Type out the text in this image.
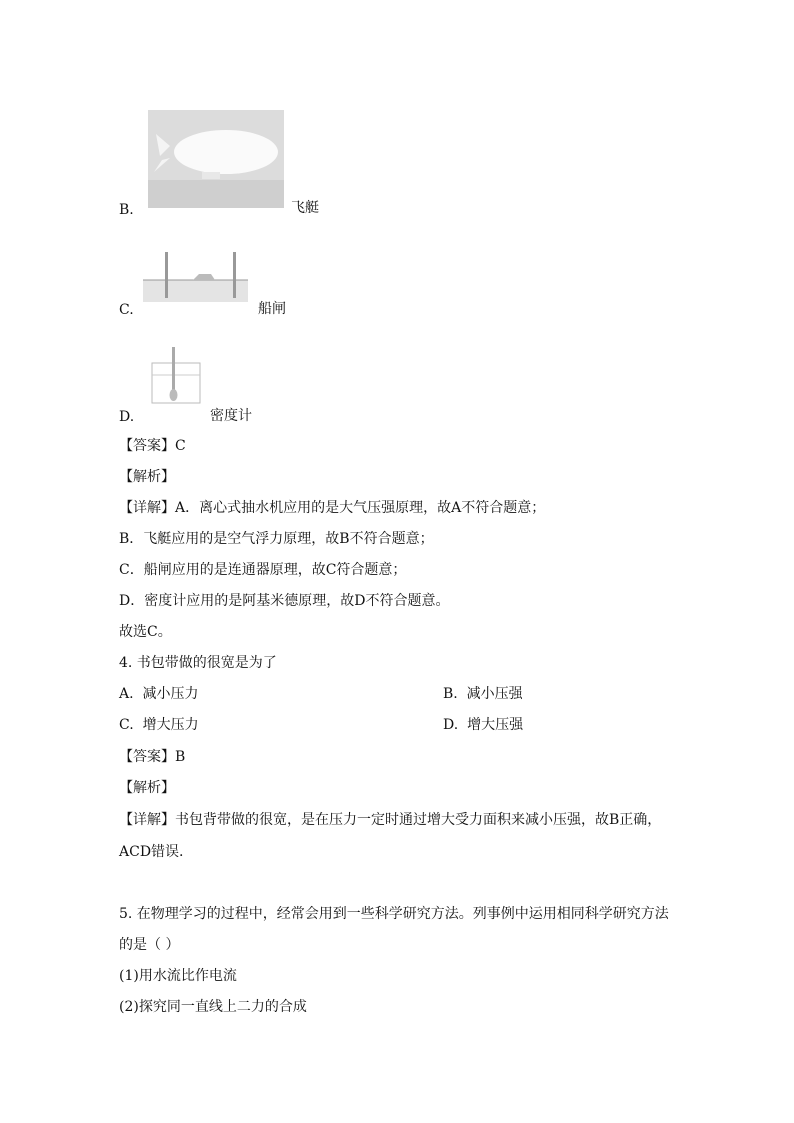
B.	飞艇
C.	船闸
D.	密度计
【答案】C
【解析】
【详解】A．离心式抽水机应用的是大气压强原理，故A不符合题意；
B．飞艇应用的是空气浮力原理，故B不符合题意；
C．船闸应用的是连通器原理，故C符合题意；
D．密度计应用的是阿基米德原理，故D不符合题意。
故选C。
4. 书包带做的很宽是为了
A. 减小压力	B. 减小压强
C. 增大压力	D. 增大压强
【答案】B
【解析】
【详解】书包背带做的很宽，是在压力一定时通过增大受力面积来减小压强，故B正确，
ACD错误.
5. 在物理学习的过程中，经常会用到一些科学研究方法。列事例中运用相同科学研究方法
的是（ ）
(1)用水流比作电流
(2)探究同一直线上二力的合成
